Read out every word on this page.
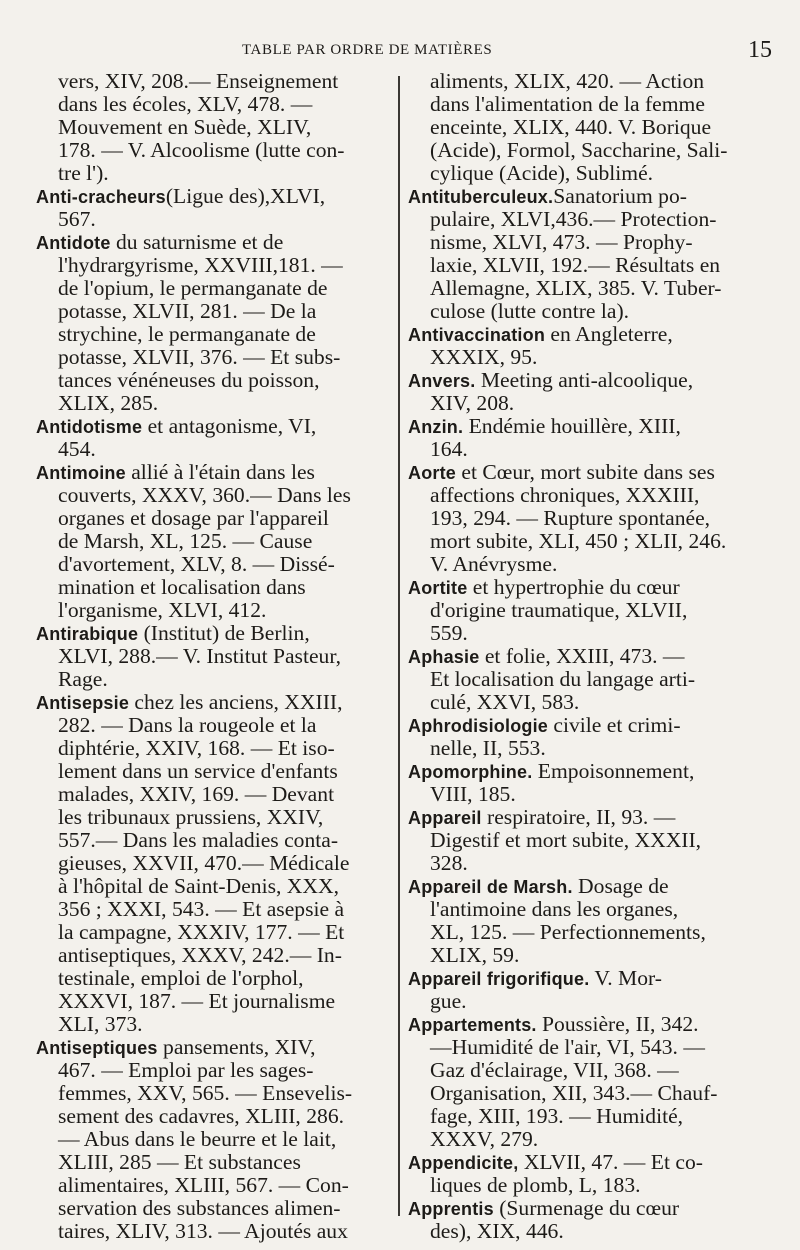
TABLE PAR ORDRE DE MATIÈRES	15
vers, XIV, 208.— Enseignement
dans les écoles, XLV, 478. —
Mouvement en Suède, XLIV,
178. — V. Alcoolisme (lutte con-
tre l').
Anti-cracheurs(Ligue des),XLVI,
567.
Antidote du saturnisme et de
l'hydrargyrisme, XXVIII,181. —
de l'opium, le permanganate de
potasse, XLVII, 281. — De la
strychine, le permanganate de
potasse, XLVII, 376. — Et subs-
tances vénéneuses du poisson,
XLIX, 285.
Antidotisme et antagonisme, VI,
454.
Antimoine allié à l'étain dans les
couverts, XXXV, 360.— Dans les
organes et dosage par l'appareil
de Marsh, XL, 125. — Cause
d'avortement, XLV, 8. — Dissé-
mination et localisation dans
l'organisme, XLVI, 412.
Antirabique (Institut) de Berlin,
XLVI, 288.— V. Institut Pasteur,
Rage.
Antisepsie chez les anciens, XXIII,
282. — Dans la rougeole et la
diphtérie, XXIV, 168. — Et iso-
lement dans un service d'enfants
malades, XXIV, 169. — Devant
les tribunaux prussiens, XXIV,
557.— Dans les maladies conta-
gieuses, XXVII, 470.— Médicale
à l'hôpital de Saint-Denis, XXX,
356 ; XXXI, 543. — Et asepsie à
la campagne, XXXIV, 177. — Et
antiseptiques, XXXV, 242.— In-
testinale, emploi de l'orphol,
XXXVI, 187. — Et journalisme
XLI, 373.
Antiseptiques pansements, XIV,
467. — Emploi par les sages-
femmes, XXV, 565. — Ensevelis-
sement des cadavres, XLIII, 286.
— Abus dans le beurre et le lait,
XLIII, 285 — Et substances
alimentaires, XLIII, 567. — Con-
servation des substances alimen-
taires, XLIV, 313. — Ajoutés aux
aliments, XLIX, 420. — Action
dans l'alimentation de la femme
enceinte, XLIX, 440. V. Borique
(Acide), Formol, Saccharine, Sali-
cylique (Acide), Sublimé.
Antituberculeux.Sanatorium po-
pulaire, XLVI,436.— Protection-
nisme, XLVI, 473. — Prophy-
laxie, XLVII, 192.— Résultats en
Allemagne, XLIX, 385. V. Tuber-
culose (lutte contre la).
Antivaccination en Angleterre,
XXXIX, 95.
Anvers. Meeting anti-alcoolique,
XIV, 208.
Anzin. Endémie houillère, XIII,
164.
Aorte et Cœur, mort subite dans ses
affections chroniques, XXXIII,
193, 294. — Rupture spontanée,
mort subite, XLI, 450 ; XLII, 246.
V. Anévrysme.
Aortite et hypertrophie du cœur
d'origine traumatique, XLVII,
559.
Aphasie et folie, XXIII, 473. —
Et localisation du langage arti-
culé, XXVI, 583.
Aphrodisiologie civile et crimi-
nelle, II, 553.
Apomorphine. Empoisonnement,
VIII, 185.
Appareil respiratoire, II, 93. —
Digestif et mort subite, XXXII,
328.
Appareil de Marsh. Dosage de
l'antimoine dans les organes,
XL, 125. — Perfectionnements,
XLIX, 59.
Appareil frigorifique. V. Mor-
gue.
Appartements. Poussière, II, 342.
—Humidité de l'air, VI, 543. —
Gaz d'éclairage, VII, 368. —
Organisation, XII, 343.— Chauf-
fage, XIII, 193. — Humidité,
XXXV, 279.
Appendicite, XLVII, 47. — Et co-
liques de plomb, L, 183.
Apprentis (Surmenage du cœur
des), XIX, 446.
